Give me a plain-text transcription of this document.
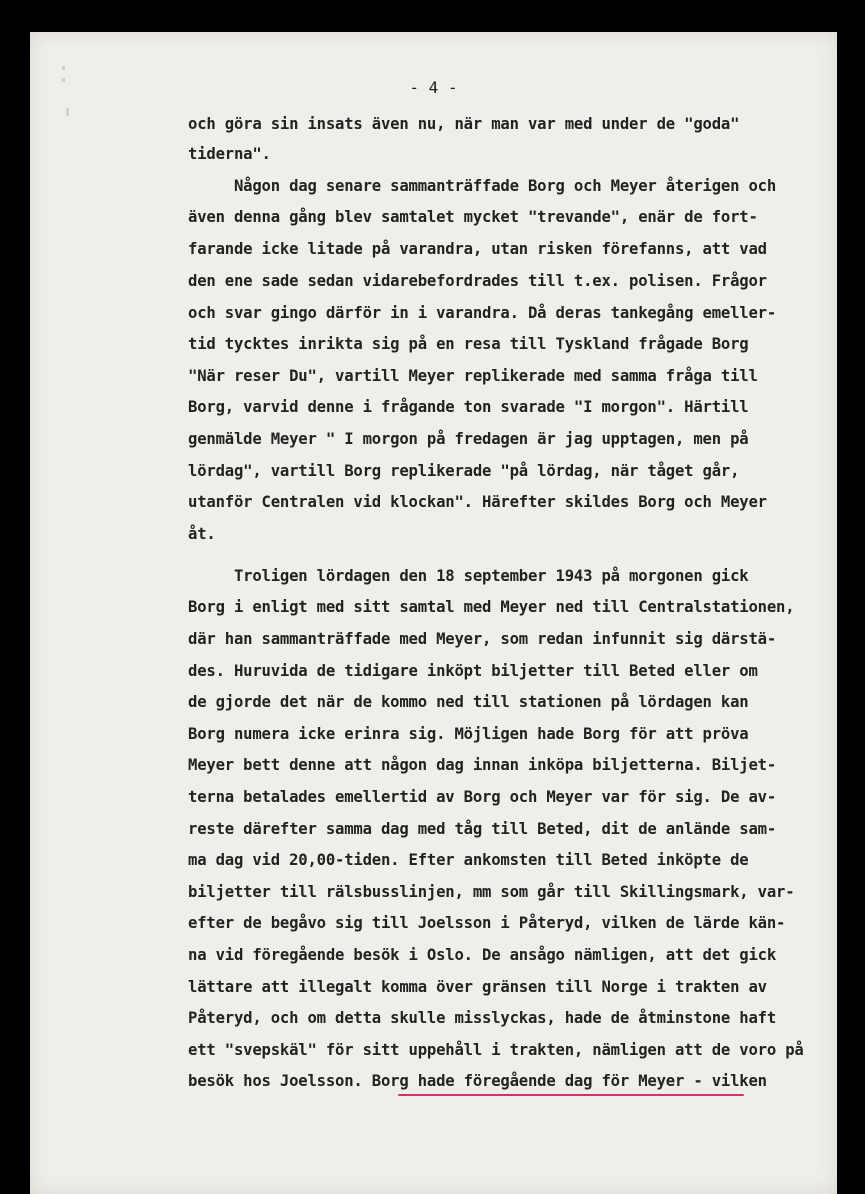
- 4 -
och göra sin insats även nu, när man var med under de "goda"
tiderna".
Någon dag senare sammanträffade Borg och Meyer återigen och
även denna gång blev samtalet mycket "trevande", enär de fort-
farande icke litade på varandra, utan risken förefanns, att vad
den ene sade sedan vidarebefordrades till t.ex. polisen. Frågor
och svar gingo därför in i varandra. Då deras tankegång emeller-
tid tycktes inrikta sig på en resa till Tyskland frågade Borg
"När reser Du", vartill Meyer replikerade med samma fråga till
Borg, varvid denne i frågande ton svarade "I morgon". Härtill
genmälde Meyer " I morgon på fredagen är jag upptagen, men på
lördag", vartill Borg replikerade "på lördag, när tåget går,
utanför Centralen vid klockan". Härefter skildes Borg och Meyer
åt.
Troligen lördagen den 18 september 1943 på morgonen gick
Borg i enligt med sitt samtal med Meyer ned till Centralstationen,
där han sammanträffade med Meyer, som redan infunnit sig därstä-
des. Huruvida de tidigare inköpt biljetter till Beted eller om
de gjorde det när de kommo ned till stationen på lördagen kan
Borg numera icke erinra sig. Möjligen hade Borg för att pröva
Meyer bett denne att någon dag innan inköpa biljetterna. Biljet-
terna betalades emellertid av Borg och Meyer var för sig. De av-
reste därefter samma dag med tåg till Beted, dit de anlände sam-
ma dag vid 20,00-tiden. Efter ankomsten till Beted inköpte de
biljetter till rälsbusslinjen, mm som går till Skillingsmark, var-
efter de begåvo sig till Joelsson i Påteryd, vilken de lärde kän-
na vid föregående besök i Oslo. De ansågo nämligen, att det gick
lättare att illegalt komma över gränsen till Norge i trakten av
Påteryd, och om detta skulle misslyckas, hade de åtminstone haft
ett "svepskäl" för sitt uppehåll i trakten, nämligen att de voro på
besök hos Joelsson. Borg hade föregående dag för Meyer - vilken
